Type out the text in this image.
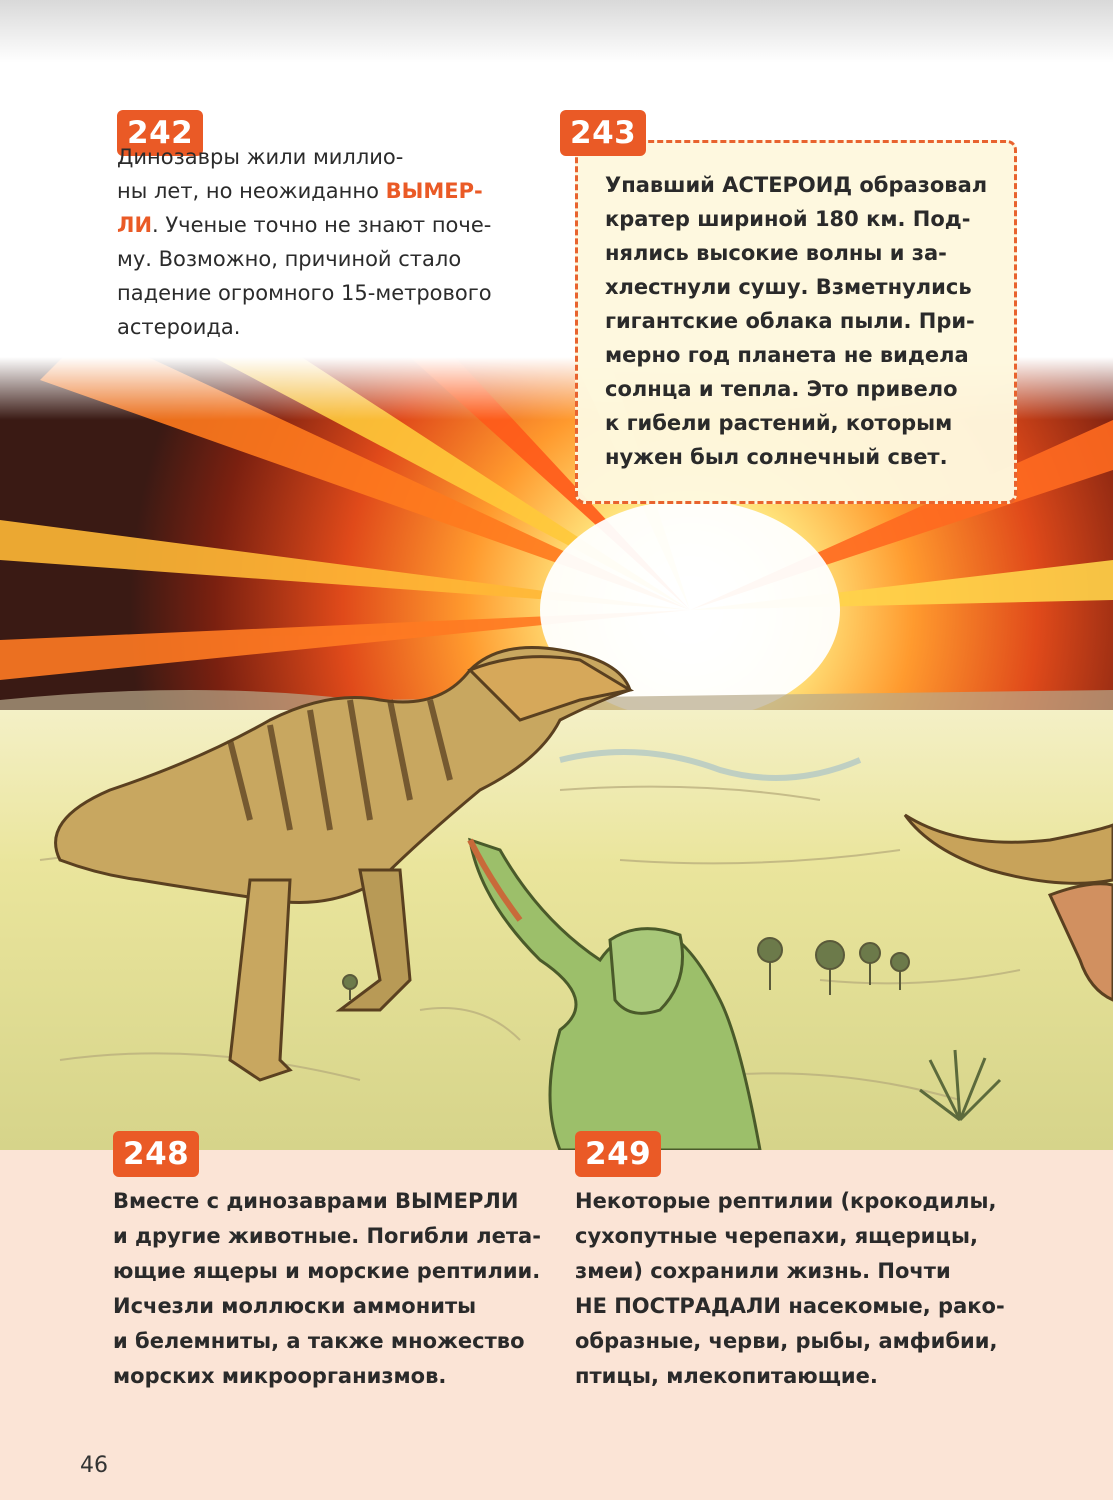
242

Динозавры жили миллио-
ны лет, но неожиданно ВЫМЕР-
ЛИ. Ученые точно не знают поче-
му. Возможно, причиной стало
падение огромного 15-метрового
астероида.

243

Упавший АСТЕРОИД образовал
кратер шириной 180 км. Под-
нялись высокие волны и за-
хлестнули сушу. Взметнулись
гигантские облака пыли. При-
мерно год планета не видела
солнца и тепла. Это привело
к гибели растений, которым
нужен был солнечный свет.

248

Вместе с динозаврами ВЫМЕРЛИ
и другие животные. Погибли лета-
ющие ящеры и морские рептилии.
Исчезли моллюски аммониты
и белемниты, а также множество
морских микроорганизмов.

249

Некоторые рептилии (крокодилы,
сухопутные черепахи, ящерицы,
змеи) сохранили жизнь. Почти
НЕ ПОСТРАДАЛИ насекомые, рако-
образные, черви, рыбы, амфибии,
птицы, млекопитающие.

46
